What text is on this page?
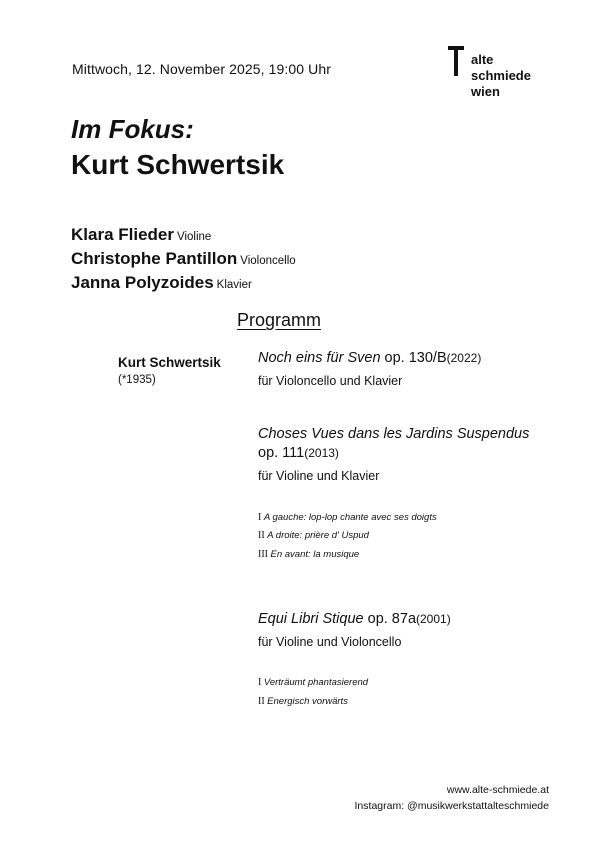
Mittwoch, 12. November 2025, 19:00 Uhr
alte
schmiede
wien
Im Fokus:
Kurt Schwertsik
Klara Flieder Violine
Christophe Pantillon Violoncello
Janna Polyzoides Klavier
Programm
Kurt Schwertsik
(*1935)
Noch eins für Sven op. 130/B(2022)
für Violoncello und Klavier
Choses Vues dans les Jardins Suspendus
op. 111(2013)
für Violine und Klavier
I A gauche: lop-lop chante avec ses doigts
II A droite: prière d' Uspud
III En avant: la musique
Equi Libri Stique op. 87a(2001)
für Violine und Violoncello
I Verträumt phantasierend
II Energisch vorwärts
www.alte-schmiede.at
Instagram: @musikwerkstattalteschmiede
